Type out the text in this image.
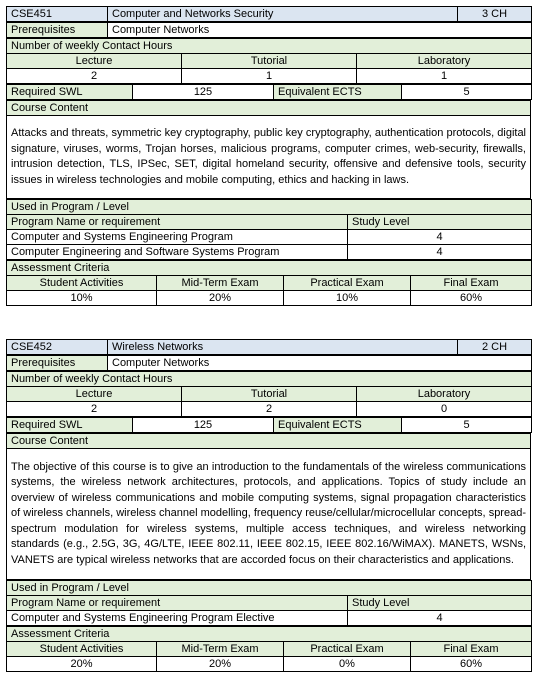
CSE451	Computer and Networks Security	3 CH
Prerequisites	Computer Networks
Number of weekly Contact Hours		
Lecture	Tutorial	Laboratory
2	1	1
Required SWL	125	Equivalent ECTS	5
Course Content
Attacks and threats, symmetric key cryptography, public key cryptography, authentication protocols, digital signature, viruses, worms, Trojan horses, malicious programs, computer crimes, web-security, firewalls, intrusion detection, TLS, IPSec, SET, digital homeland security, offensive and defensive tools, security issues in wireless technologies and mobile computing, ethics and hacking in laws.
Used in Program / Level	
Program Name or requirement	Study Level
Computer and Systems Engineering Program	4
Computer Engineering and Software Systems Program	4
Assessment Criteria			
Student Activities	Mid-Term Exam	Practical Exam	Final Exam
10%	20%	10%	60%
CSE452	Wireless Networks	2 CH
Prerequisites	Computer Networks
Number of weekly Contact Hours		
Lecture	Tutorial	Laboratory
2	2	0
Required SWL	125	Equivalent ECTS	5
Course Content
The objective of this course is to give an introduction to the fundamentals of the wireless communications systems, the wireless network architectures, protocols, and applications. Topics of study include an overview of wireless communications and mobile computing systems, signal propagation characteristics of wireless channels, wireless channel modelling, frequency reuse/cellular/microcellular concepts, spread-spectrum modulation for wireless systems, multiple access techniques, and wireless networking standards (e.g., 2.5G, 3G, 4G/LTE, IEEE 802.11, IEEE 802.15, IEEE 802.16/WiMAX). MANETS, WSNs, VANETS are typical wireless networks that are accorded focus on their characteristics and applications.
Used in Program / Level	
Program Name or requirement	Study Level
Computer and Systems Engineering Program Elective	4
Assessment Criteria			
Student Activities	Mid-Term Exam	Practical Exam	Final Exam
20%	20%	0%	60%
